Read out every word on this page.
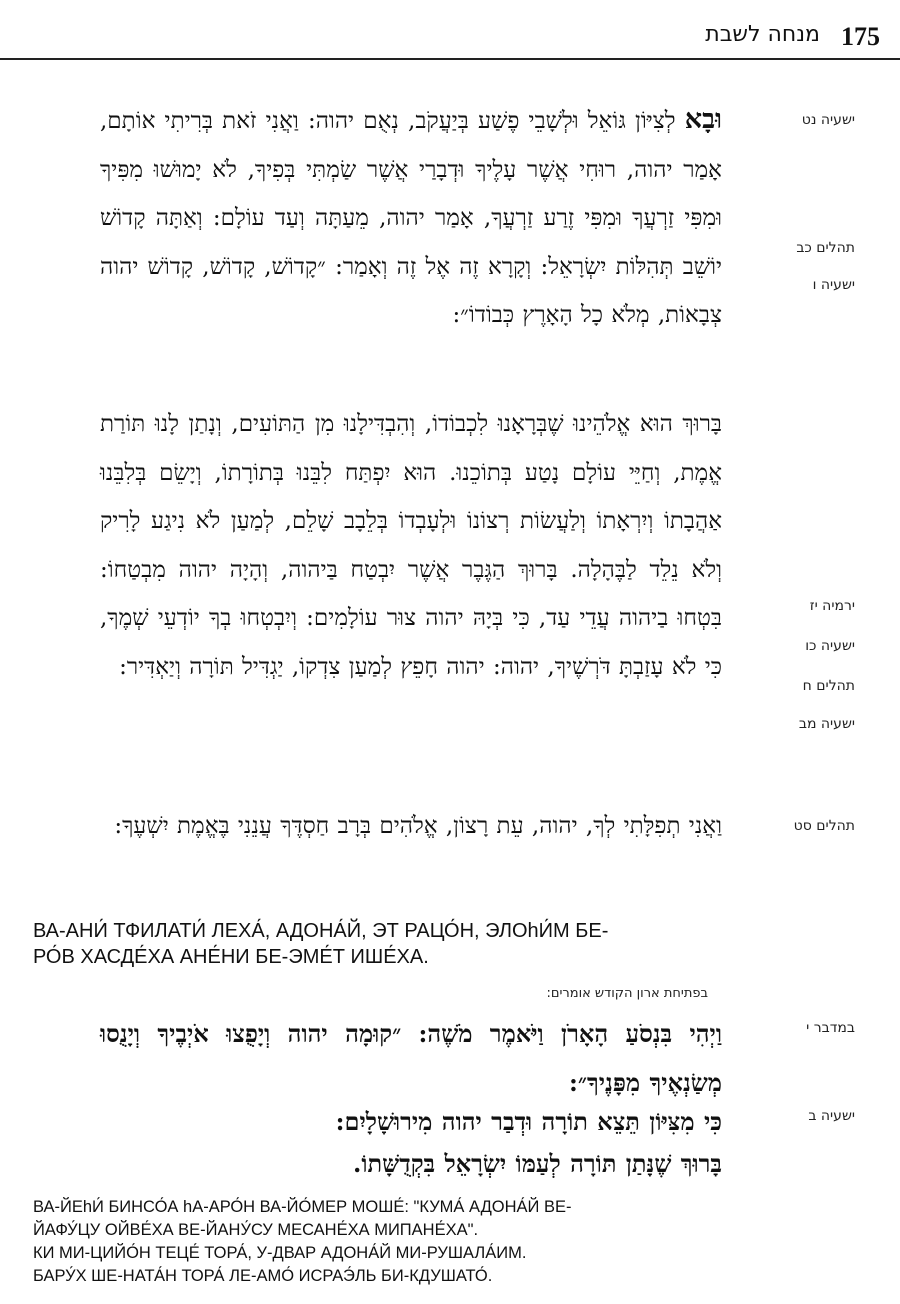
175
מנחה לשבת

וּבָא לְצִיּוֹן גּוֹאֵל וּלְשָׁבֵי פֶשַׁע בְּיַעֲקֹב, נְאֻם יהוה: וַאֲנִי זֹאת בְּרִיתִי אוֹתָם, אָמַר יהוה, רוּחִי אֲשֶׁר עָלֶיךָ וּדְבָרַי אֲשֶׁר שַׂמְתִּי בְּפִיךָ, לֹא יָמוּשׁוּ מִפִּיךָ וּמִפִּי זַרְעֲךָ וּמִפִּי זֶרַע זַרְעֲךָ, אָמַר יהוה, מֵעַתָּה וְעַד עוֹלָם: וְאַתָּה קָדוֹשׁ יוֹשֵׁב תְּהִלּוֹת יִשְׂרָאֵל: וְקָרָא זֶה אֶל זֶה וְאָמַר: ״קָדוֹשׁ, קָדוֹשׁ, קָדוֹשׁ יהוה צְבָאוֹת, מְלֹא כָל הָאָרֶץ כְּבוֹדוֹ״:

בָּרוּךְ הוּא אֱלֹהֵינוּ שֶׁבְּרָאָנוּ לִכְבוֹדוֹ, וְהִבְדִּילָנוּ מִן הַתּוֹעִים, וְנָתַן לָנוּ תּוֹרַת אֱמֶת, וְחַיֵּי עוֹלָם נָטַע בְּתוֹכֵנוּ. הוּא יִפְתַּח לִבֵּנוּ בְּתוֹרָתוֹ, וְיָשֵׂם בְּלִבֵּנוּ אַהֲבָתוֹ וְיִרְאָתוֹ וְלַעֲשׂוֹת רְצוֹנוֹ וּלְעָבְדוֹ בְּלֵבָב שָׁלֵם, לְמַעַן לֹא נִיגַע לָרִיק וְלֹא נֵלֵד לַבֶּהָלָה. בָּרוּךְ הַגֶּבֶר אֲשֶׁר יִבְטַח בַּיהוה, וְהָיָה יהוה מִבְטַחוֹ: בִּטְחוּ בַיהוה עֲדֵי עַד, כִּי בְּיָהּ יהוה צוּר עוֹלָמִים: וְיִבְטְחוּ בְךָ יוֹדְעֵי שְׁמֶךָ, כִּי לֹא עָזַבְתָּ דֹּרְשֶׁיךָ, יהוה: יהוה חָפֵץ לְמַעַן צִדְקוֹ, יַגְדִּיל תּוֹרָה וְיַאְדִּיר:

וַאֲנִי תְפִלָּתִי לְךָ, יהוה, עֵת רָצוֹן, אֱלֹהִים בְּרָב חַסְדֶּךָ עֲנֵנִי בֶּאֱמֶת יִשְׁעֶךָ:

ВА-АНИ́ ТФИЛАТИ́ ЛЕХА́, АДОНА́Й, ЭТ РАЦО́Н, ЭЛОhИ́М БЕ-
РО́В ХАСДЕ́ХА АНЕ́НИ БЕ-ЭМЕ́Т ИШЕ́ХА.
בפתיחת ארון הקודש אומרים:

וַיְהִי בִּנְסֹעַ הָאָרֹן וַיֹּאמֶר מֹשֶׁה: ״קוּמָה יהוה וְיָפֻצוּ אֹיְבֶיךָ וְיָנֻסוּ מְשַׂנְאֶיךָ מִפָּנֶיךָ״:

כִּי מִצִּיּוֹן תֵּצֵא תוֹרָה וּדְבַר יהוה מִירוּשָׁלָיִם:

בָּרוּךְ שֶׁנָּתַן תּוֹרָה לְעַמּוֹ יִשְׂרָאֵל בִּקְדֻשָּׁתוֹ.

ВА-ЙЕhИ́ БИНСО́А hА-АРО́Н ВА-ЙО́МЕР МОШЕ́: "КУМА́ АДОНА́Й ВЕ-
ЙАФУ́ЦУ ОЙВЕ́ХА ВЕ-ЙАНУ́СУ МЕСАНЕ́ХА МИПАНЕ́ХА".
КИ МИ-ЦИЙО́Н ТЕЦЕ́ ТОРА́, У-ДВАР АДОНА́Й МИ-РУШАЛА́ИМ.
БАРУ́Х ШЕ-НАТА́Н ТОРА́ ЛЕ-АМО́ ИСРАЭ́ЛЬ БИ-КДУШАТО́.
ישעיה נט
תהלים כב
ישעיה ו
ירמיה יז
ישעיה כו
תהלים ח
ישעיה מב
תהלים סט
במדבר י
ישעיה ב
